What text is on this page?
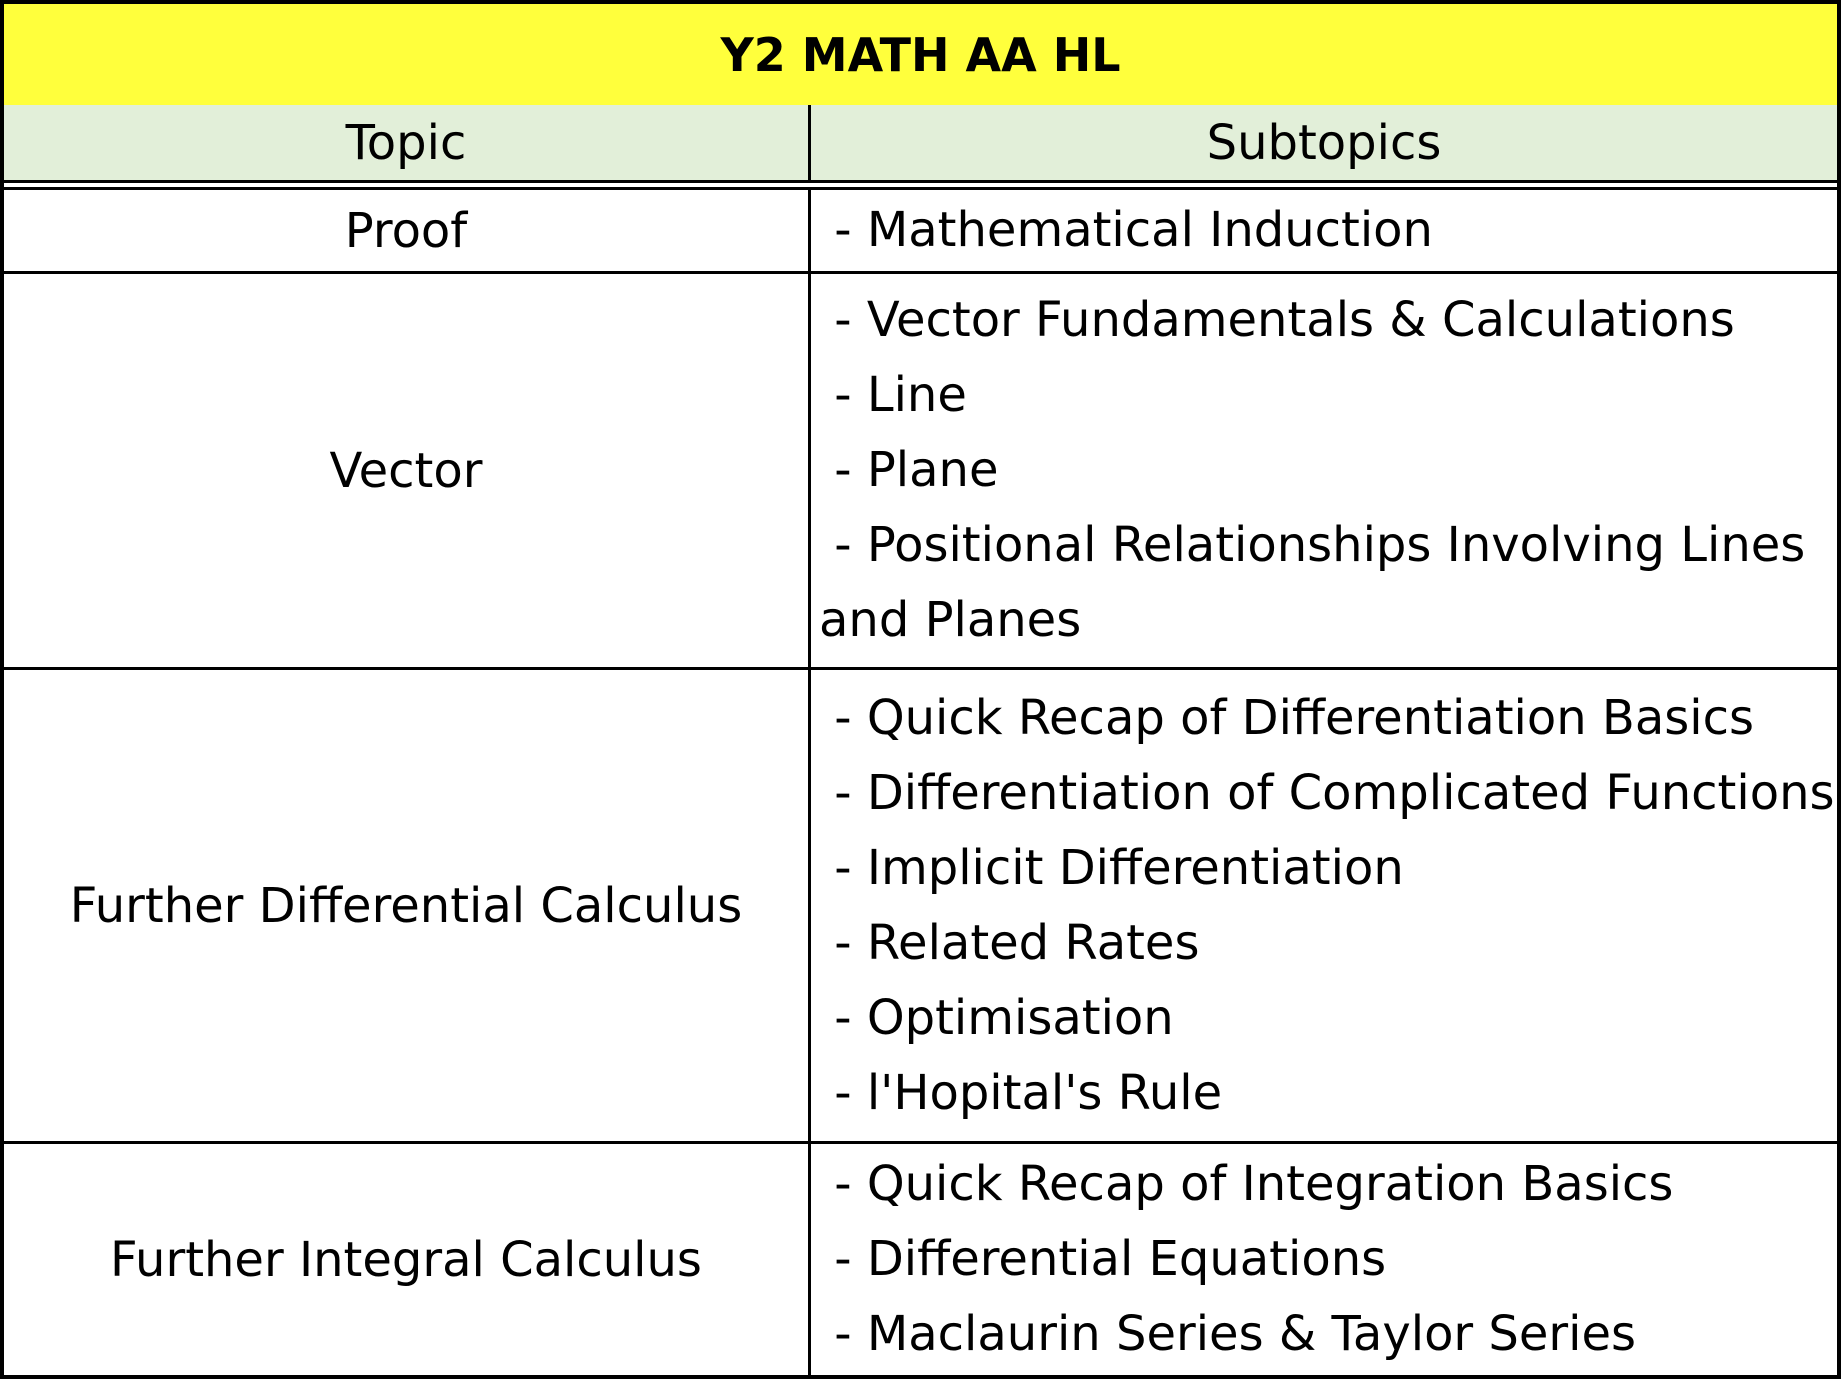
Y2 MATH AA HL
Topic	Subtopics
Proof	- Mathematical Induction
Vector
- Vector Fundamentals & Calculations
- Line
- Plane
- Positional Relationships Involving Lines
and Planes
Further Differential Calculus
- Quick Recap of Differentiation Basics
- Differentiation of Complicated Functions
- Implicit Differentiation
- Related Rates
- Optimisation
- l'Hopital's Rule
Further Integral Calculus
- Quick Recap of Integration Basics
- Differential Equations
- Maclaurin Series & Taylor Series
